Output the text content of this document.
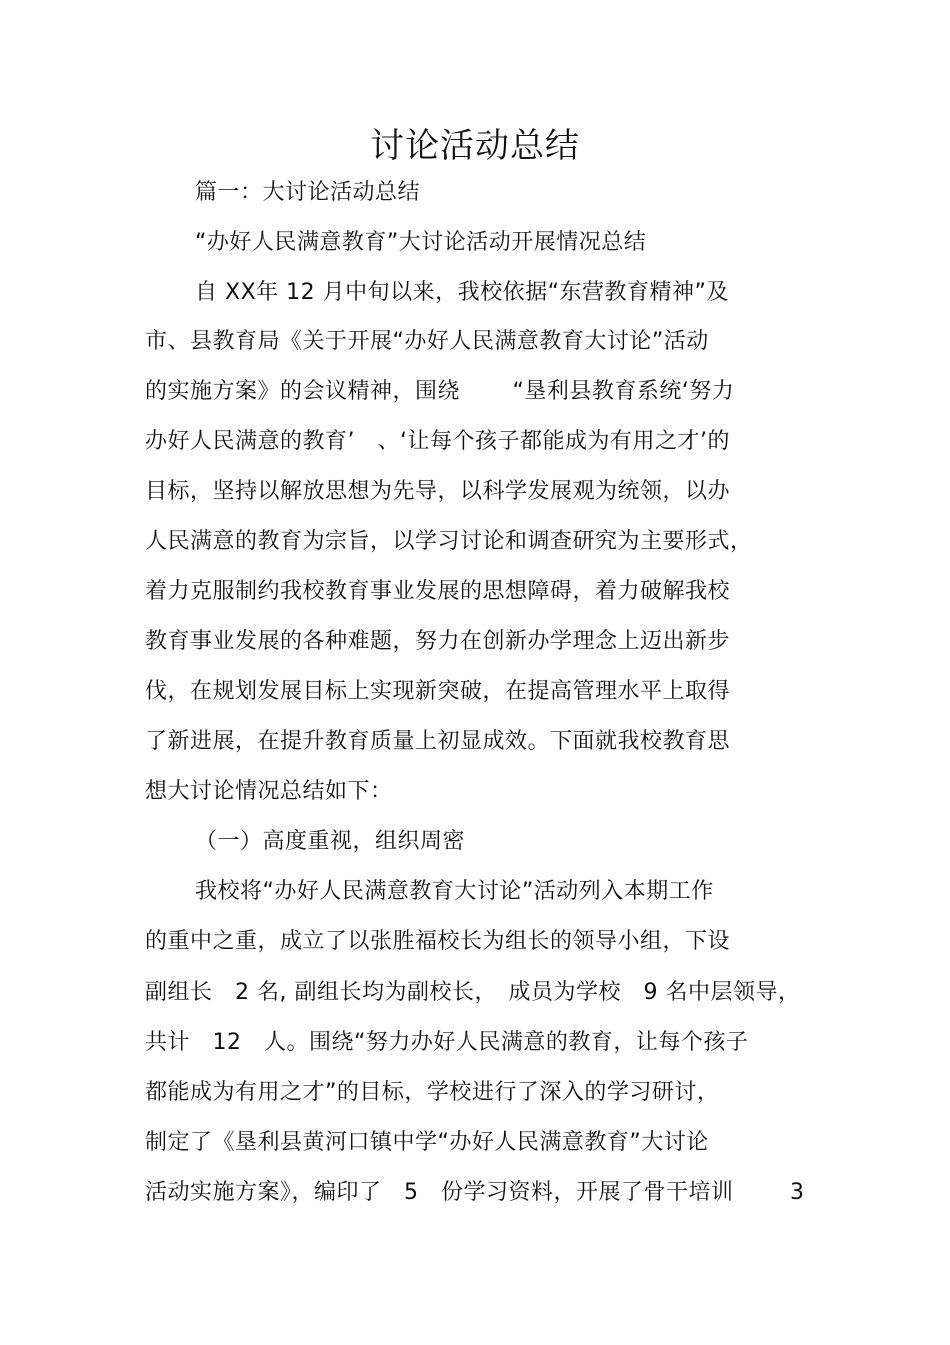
讨论活动总结
篇一：大讨论活动总结
“办好人民满意教育”大讨论活动开展情况总结
自 XX年 12 月中旬以来，我校依据“东营教育精神”及
市、县教育局《关于开展“办好人民满意教育大讨论”活动
的实施方案》的会议精神，围绕　　 “垦利县教育系统‘努力
办好人民满意的教育’　、‘让每个孩子都能成为有用之才’的
目标，坚持以解放思想为先导，以科学发展观为统领，以办
人民满意的教育为宗旨，以学习讨论和调查研究为主要形式，
着力克服制约我校教育事业发展的思想障碍，着力破解我校
教育事业发展的各种难题，努力在创新办学理念上迈出新步
伐，在规划发展目标上实现新突破，在提高管理水平上取得
了新进展，在提升教育质量上初显成效。下面就我校教育思
想大讨论情况总结如下：
（一）高度重视，组织周密
我校将“办好人民满意教育大讨论”活动列入本期工作
的重中之重，成立了以张胜福校长为组长的领导小组，下设
副组长　2 名, 副组长均为副校长，　成员为学校　9 名中层领导，
共计　12　人。围绕“努力办好人民满意的教育，让每个孩子
都能成为有用之才”的目标，学校进行了深入的学习研讨，
制定了《垦利县黄河口镇中学“办好人民满意教育”大讨论
活动实施方案》，编印了　5　份学习资料，开展了骨干培训	3
